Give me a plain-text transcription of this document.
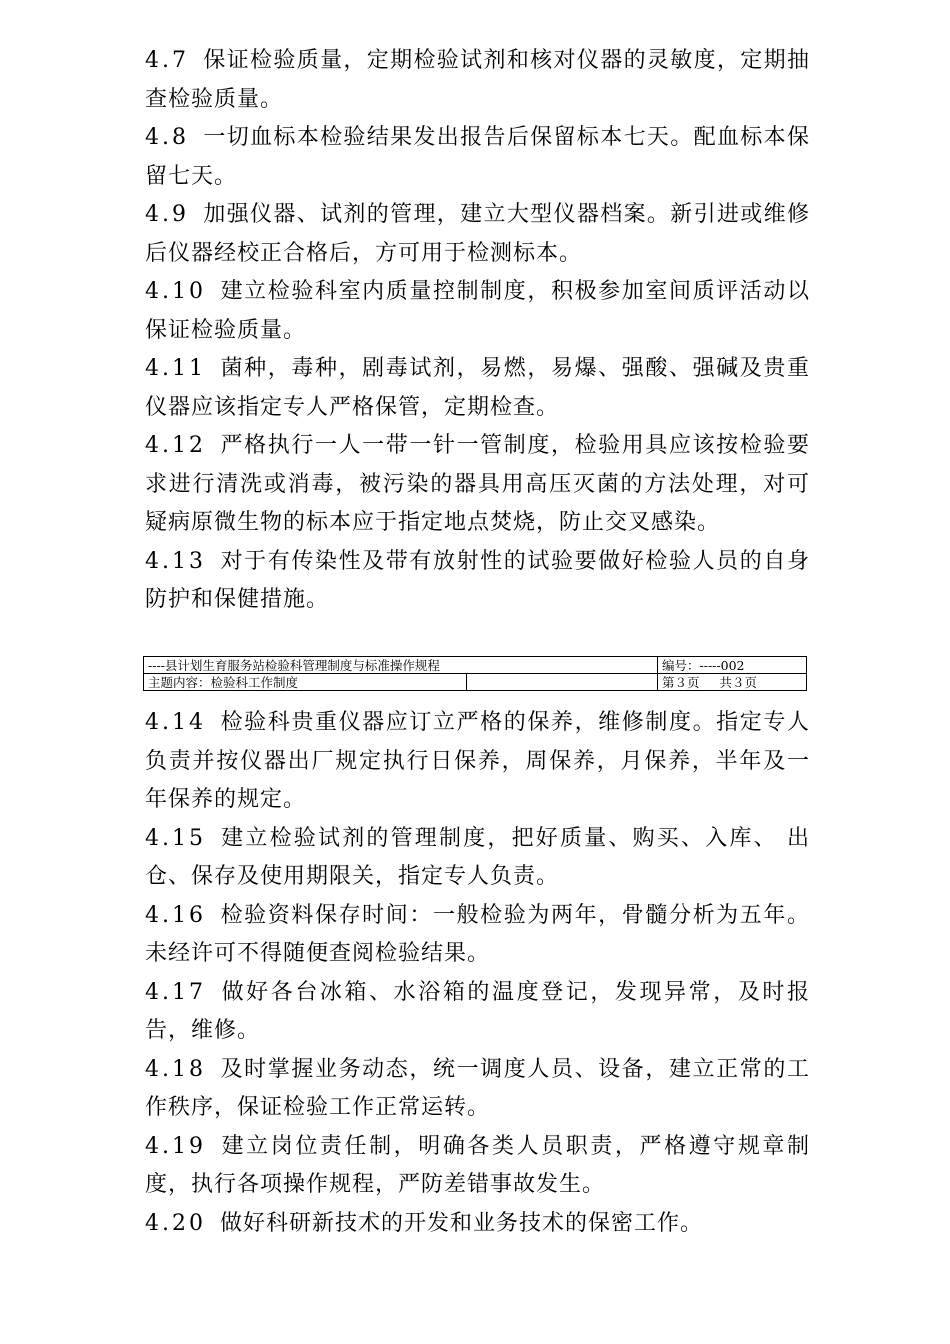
4.7 保证检验质量，定期检验试剂和核对仪器的灵敏度，定期抽查检验质量。

4.8 一切血标本检验结果发出报告后保留标本七天。配血标本保留七天。

4.9 加强仪器、试剂的管理，建立大型仪器档案。新引进或维修后仪器经校正合格后，方可用于检测标本。

4.10 建立检验科室内质量控制制度，积极参加室间质评活动以保证检验质量。

4.11 菌种，毒种，剧毒试剂，易燃，易爆、强酸、强碱及贵重仪器应该指定专人严格保管，定期检查。

4.12 严格执行一人一带一针一管制度，检验用具应该按检验要求进行清洗或消毒，被污染的器具用高压灭菌的方法处理，对可疑病原微生物的标本应于指定地点焚烧，防止交叉感染。

4.13 对于有传染性及带有放射性的试验要做好检验人员的自身防护和保健措施。

----县计划生育服务站检验科管理制度与标准操作规程		编号：-----002
主题内容：检验科工作制度		第３页 共３页

4.14 检验科贵重仪器应订立严格的保养，维修制度。指定专人负责并按仪器出厂规定执行日保养，周保养，月保养，半年及一年保养的规定。

4.15 建立检验试剂的管理制度，把好质量、购买、入库、 出仓、保存及使用期限关，指定专人负责。

4.16 检验资料保存时间：一般检验为两年，骨髓分析为五年。未经许可不得随便查阅检验结果。

4.17 做好各台冰箱、水浴箱的温度登记，发现异常，及时报告，维修。

4.18 及时掌握业务动态，统一调度人员、设备，建立正常的工作秩序，保证检验工作正常运转。

4.19 建立岗位责任制，明确各类人员职责，严格遵守规章制度，执行各项操作规程，严防差错事故发生。

4.20 做好科研新技术的开发和业务技术的保密工作。
